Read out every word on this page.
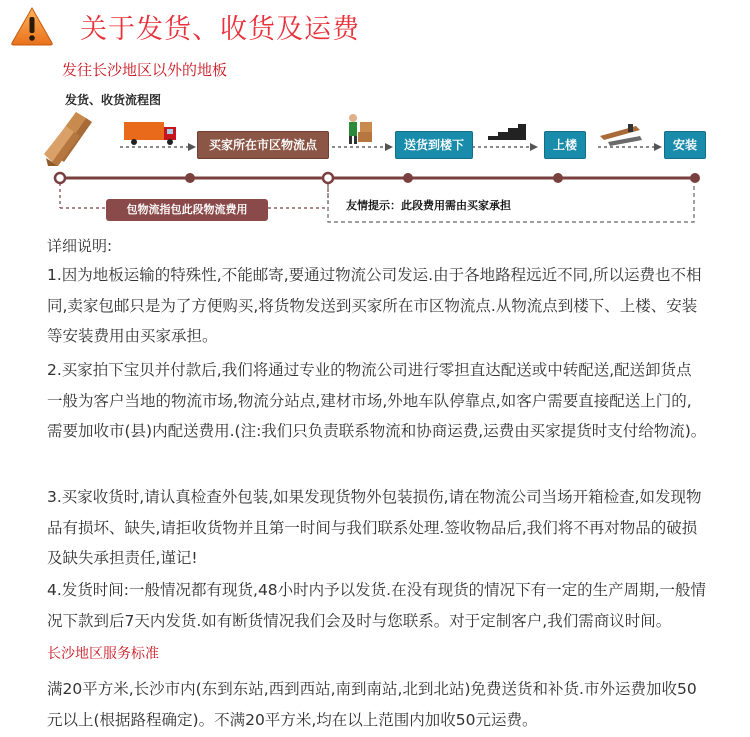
关于发货、收货及运费
发往长沙地区以外的地板
发货、收货流程图
买家所在市区物流点	送货到楼下	上楼	安装
包物流指包此段物流费用	友情提示：此段费用需由买家承担
详细说明:

1.因为地板运输的特殊性,不能邮寄,要通过物流公司发运.由于各地路程远近不同,所以运费也不相同,卖家包邮只是为了方便购买,将货物发送到买家所在市区物流点.从物流点到楼下、上楼、安装等安装费用由买家承担。

2.买家拍下宝贝并付款后,我们将通过专业的物流公司进行零担直达配送或中转配送,配送卸货点一般为客户当地的物流市场,物流分站点,建材市场,外地车队停靠点,如客户需要直接配送上门的,需要加收市(县)内配送费用.(注:我们只负责联系物流和协商运费,运费由买家提货时支付给物流)。

3.买家收货时,请认真检查外包装,如果发现货物外包装损伤,请在物流公司当场开箱检查,如发现物品有损坏、缺失,请拒收货物并且第一时间与我们联系处理.签收物品后,我们将不再对物品的破损及缺失承担责任,谨记!

4.发货时间:一般情况都有现货,48小时内予以发货.在没有现货的情况下有一定的生产周期,一般情况下款到后7天内发货.如有断货情况我们会及时与您联系。对于定制客户,我们需商议时间。

长沙地区服务标准

满20平方米,长沙市内(东到东站,西到西站,南到南站,北到北站)免费送货和补货.市外运费加收50元以上(根据路程确定)。不满20平方米,均在以上范围内加收50元运费。
